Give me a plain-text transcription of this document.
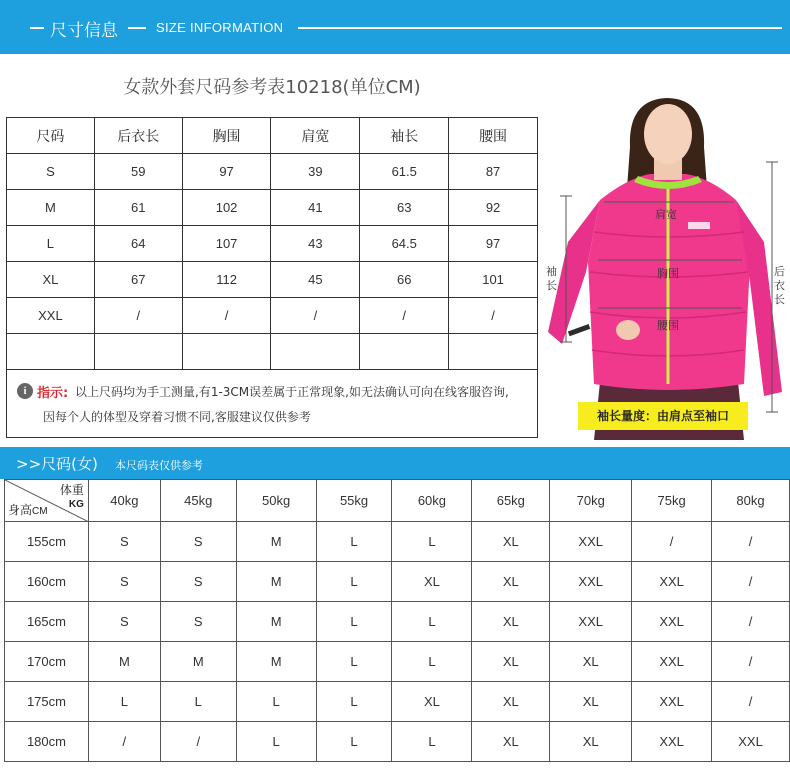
尺寸信息	SIZE INFORMATION
女款外套尺码参考表10218(单位CM)
尺码	后衣长	胸围	肩宽	袖长	腰围
S	59	97	39	61.5	87
M	61	102	41	63	92
L	64	107	43	64.5	97
XL	67	112	45	66	101
XXL	/	/	/	/	/

i 指示: 以上尺码均为手工测量,有1-3CM误差属于正常现象,如无法确认可向在线客服咨询,
因每个人的体型及穿着习惯不同,客服建议仅供参考
肩宽
胸围
腰围
袖长
后衣长
袖长量度：由肩点至袖口
>>尺码(女) 本尺码表仅供参考
体重
KG
身高CM	40kg	45kg	50kg	55kg	60kg	65kg	70kg	75kg	80kg
155cm	S	S	M	L	L	XL	XXL	/	/
160cm	S	S	M	L	XL	XL	XXL	XXL	/
165cm	S	S	M	L	L	XL	XXL	XXL	/
170cm	M	M	M	L	L	XL	XL	XXL	/
175cm	L	L	L	L	XL	XL	XL	XXL	/
180cm	/	/	L	L	L	XL	XL	XXL	XXL
